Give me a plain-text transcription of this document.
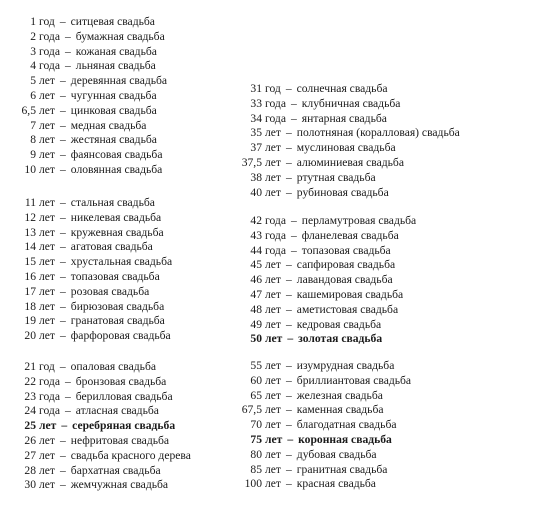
1 год – ситцевая свадьба
2 года – бумажная свадьба
3 года – кожаная свадьба
4 года – льняная свадьба
5 лет – деревянная свадьба
6 лет – чугунная свадьба
6,5 лет – цинковая свадьба
7 лет – медная свадьба
8 лет – жестяная свадьба
9 лет – фаянсовая свадьба
10 лет – оловянная свадьба
11 лет – стальная свадьба
12 лет – никелевая свадьба
13 лет – кружевная свадьба
14 лет – агатовая свадьба
15 лет – хрустальная свадьба
16 лет – топазовая свадьба
17 лет – розовая свадьба
18 лет – бирюзовая свадьба
19 лет – гранатовая свадьба
20 лет – фарфоровая свадьба
21 год – опаловая свадьба
22 года – бронзовая свадьба
23 года – берилловая свадьба
24 года – атласная свадьба
25 лет – серебряная свадьба
26 лет – нефритовая свадьба
27 лет – свадьба красного дерева
28 лет – бархатная свадьба
30 лет – жемчужная свадьба
31 год – солнечная свадьба
33 года – клубничная свадьба
34 года – янтарная свадьба
35 лет – полотняная (коралловая) свадьба
37 лет – муслиновая свадьба
37,5 лет – алюминиевая свадьба
38 лет – ртутная свадьба
40 лет – рубиновая свадьба
42 года – перламутровая свадьба
43 года – фланелевая свадьба
44 года – топазовая свадьба
45 лет – сапфировая свадьба
46 лет – лавандовая свадьба
47 лет – кашемировая свадьба
48 лет – аметистовая свадьба
49 лет – кедровая свадьба
50 лет – золотая свадьба
55 лет – изумрудная свадьба
60 лет – бриллиантовая свадьба
65 лет – железная свадьба
67,5 лет – каменная свадьба
70 лет – благодатная свадьба
75 лет – коронная свадьба
80 лет – дубовая свадьба
85 лет – гранитная свадьба
100 лет – красная свадьба
